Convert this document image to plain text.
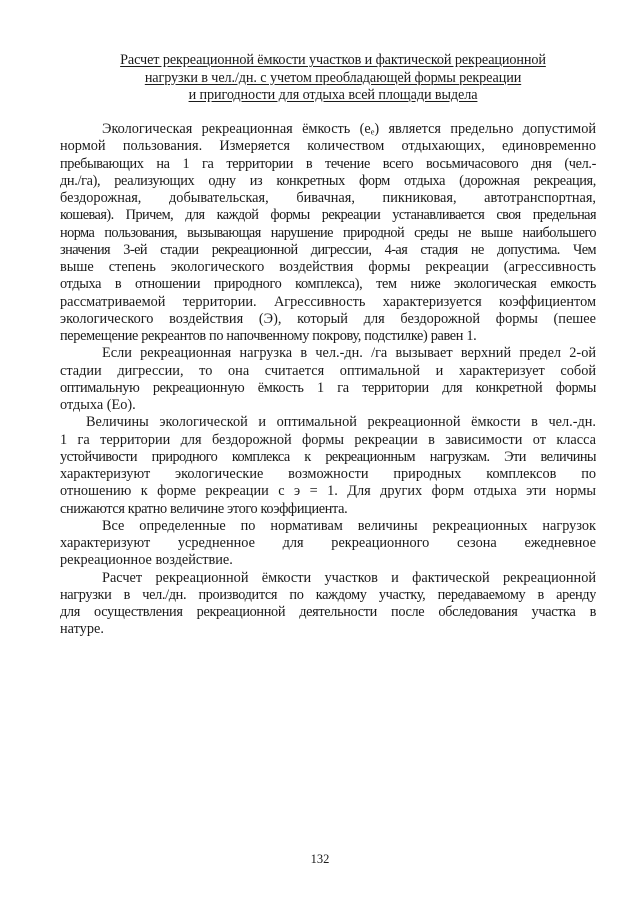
Расчет рекреационной ёмкости участков и фактической рекреационной
нагрузки в чел./дн. с учетом преобладающей формы рекреации
и пригодности для отдыха всей площади выдела
Экологическая рекреационная ёмкость (eₑ) является предельно допустимой
нормой пользования. Измеряется количеством отдыхающих, единовременно
пребывающих на 1 га территории в течение всего восьмичасового дня (чел.-
дн./га), реализующих одну из конкретных форм отдыха (дорожная рекреация,
бездорожная, добывательская, бивачная, пикниковая, автотранспортная,
кошевая). Причем, для каждой формы рекреации устанавливается своя предельная
норма пользования, вызывающая нарушение природной среды не выше наибольшего
значения 3-ей стадии рекреационной дигрессии, 4-ая стадия не допустима. Чем
выше степень экологического воздействия формы рекреации (агрессивность
отдыха в отношении природного комплекса), тем ниже экологическая емкость
рассматриваемой территории. Агрессивность характеризуется коэффициентом
экологического воздействия (Э), который для бездорожной формы (пешее
перемещение рекреантов по напочвенному покрову, подстилке) равен 1.
Если рекреационная нагрузка в чел.-дн. /га вызывает верхний предел 2-ой
стадии дигрессии, то она считается оптимальной и характеризует собой
оптимальную рекреационную ёмкость 1 га территории для конкретной формы
отдыха (Ео).
Величины экологической и оптимальной рекреационной ёмкости в чел.-дн.
1 га территории для бездорожной формы рекреации в зависимости от класса
устойчивости природного комплекса к рекреационным нагрузкам. Эти величины
характеризуют экологические возможности природных комплексов по
отношению к форме рекреации с э = 1. Для других форм отдыха эти нормы
снижаются кратно величине этого коэффициента.
Все определенные по нормативам величины рекреационных нагрузок
характеризуют усредненное для рекреационного сезона ежедневное
рекреационное воздействие.
Расчет рекреационной ёмкости участков и фактической рекреационной
нагрузки в чел./дн. производится по каждому участку, передаваемому в аренду
для осуществления рекреационной деятельности после обследования участка в
натуре.
132
